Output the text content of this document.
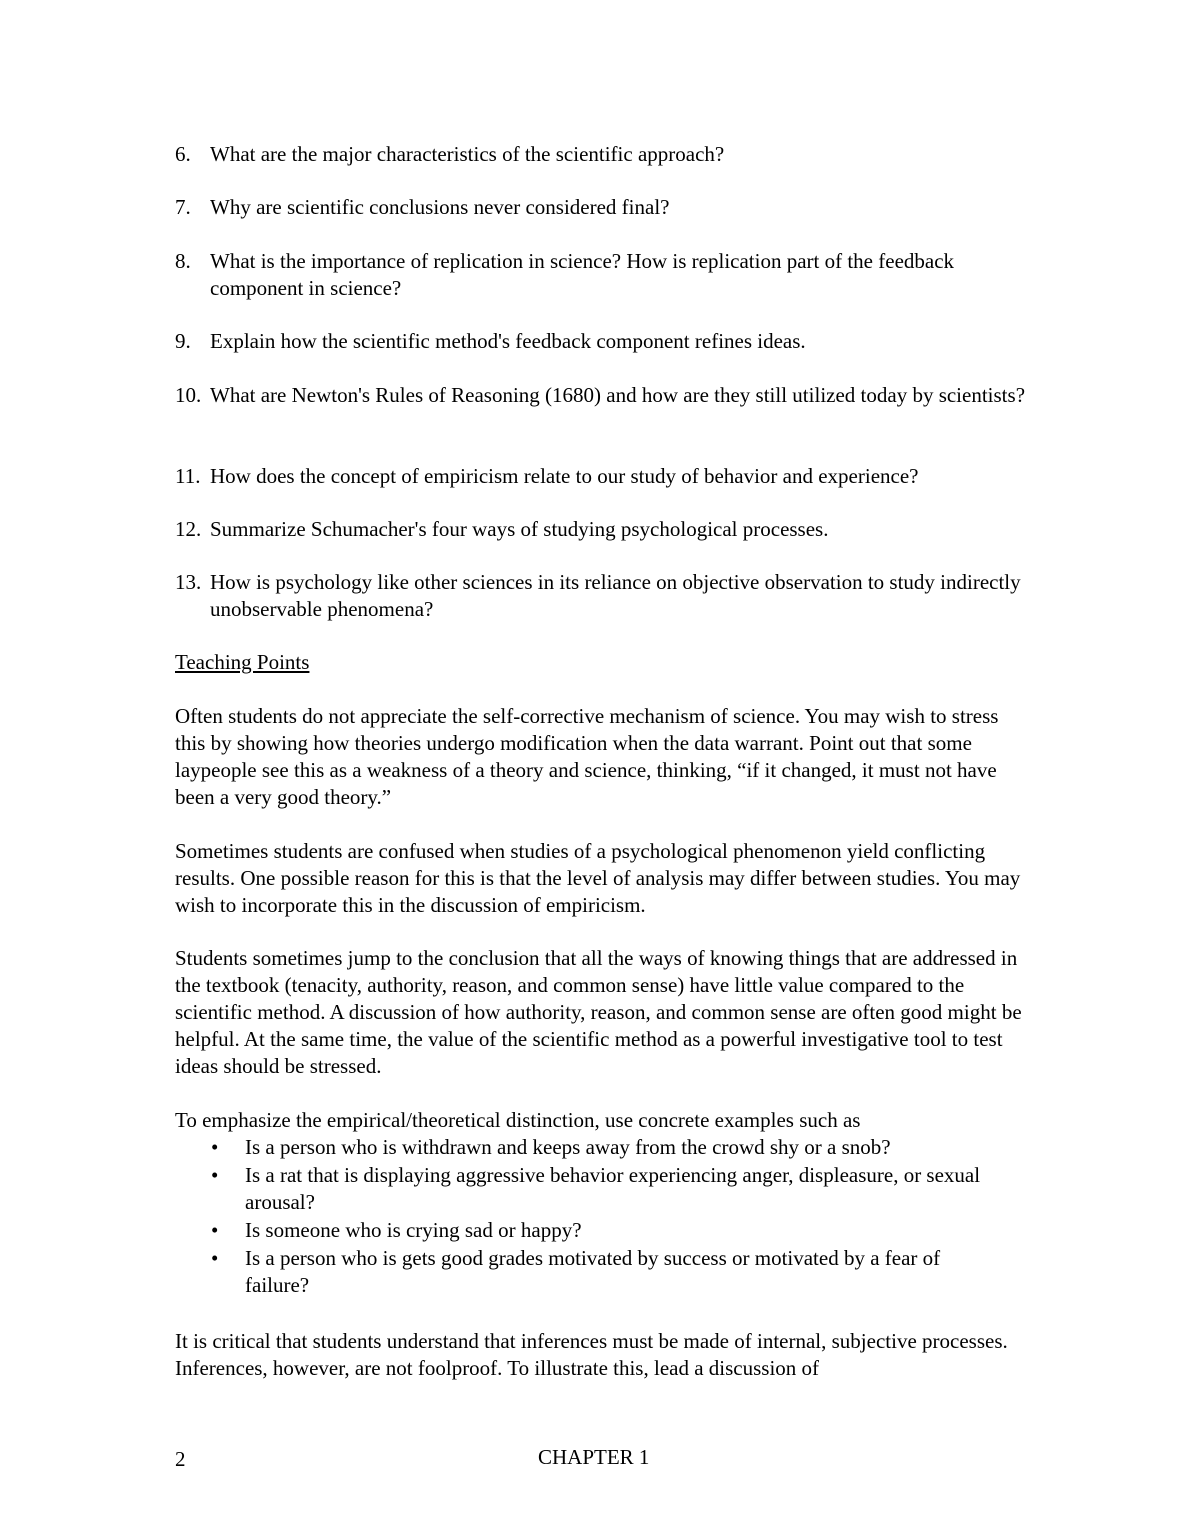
6. What are the major characteristics of the scientific approach?
7. Why are scientific conclusions never considered final?
8. What is the importance of replication in science? How is replication part of the feedback component in science?
9. Explain how the scientific method's feedback component refines ideas.
10. What are Newton's Rules of Reasoning (1680) and how are they still utilized today by scientists?
11. How does the concept of empiricism relate to our study of behavior and experience?
12. Summarize Schumacher's four ways of studying psychological processes.
13. How is psychology like other sciences in its reliance on objective observation to study indirectly unobservable phenomena?
Teaching Points

Often students do not appreciate the self-corrective mechanism of science. You may wish to stress this by showing how theories undergo modification when the data warrant. Point out that some laypeople see this as a weakness of a theory and science, thinking, “if it changed, it must not have been a very good theory.”

Sometimes students are confused when studies of a psychological phenomenon yield conflicting results. One possible reason for this is that the level of analysis may differ between studies. You may wish to incorporate this in the discussion of empiricism.

Students sometimes jump to the conclusion that all the ways of knowing things that are addressed in the textbook (tenacity, authority, reason, and common sense) have little value compared to the scientific method. A discussion of how authority, reason, and common sense are often good might be helpful. At the same time, the value of the scientific method as a powerful investigative tool to test ideas should be stressed.

To emphasize the empirical/theoretical distinction, use concrete examples such as

• Is a person who is withdrawn and keeps away from the crowd shy or a snob?
• Is a rat that is displaying aggressive behavior experiencing anger, displeasure, or sexual arousal?
• Is someone who is crying sad or happy?
• Is a person who is gets good grades motivated by success or motivated by a fear of failure?

It is critical that students understand that inferences must be made of internal, subjective processes. Inferences, however, are not foolproof. To illustrate this, lead a discussion of

2	CHAPTER 1
